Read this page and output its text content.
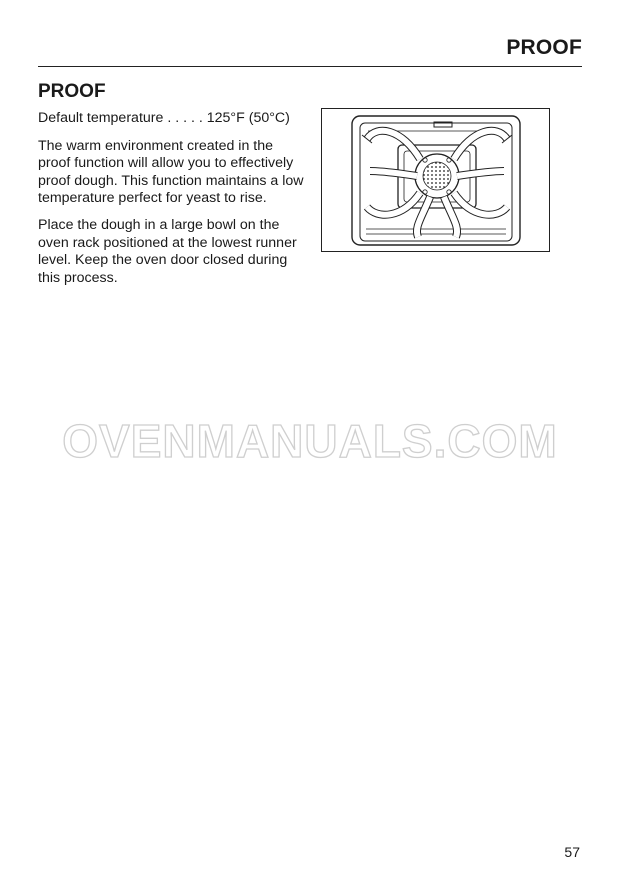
PROOF
PROOF
Default temperature . . . . . 125°F (50°C)

The warm environment created in the proof function will allow you to effectively proof dough. This function maintains a low temperature perfect for yeast to rise.

Place the dough in a large bowl on the oven rack positioned at the lowest runner level. Keep the oven door closed during this process.

OVENMANUALS.COM
57
